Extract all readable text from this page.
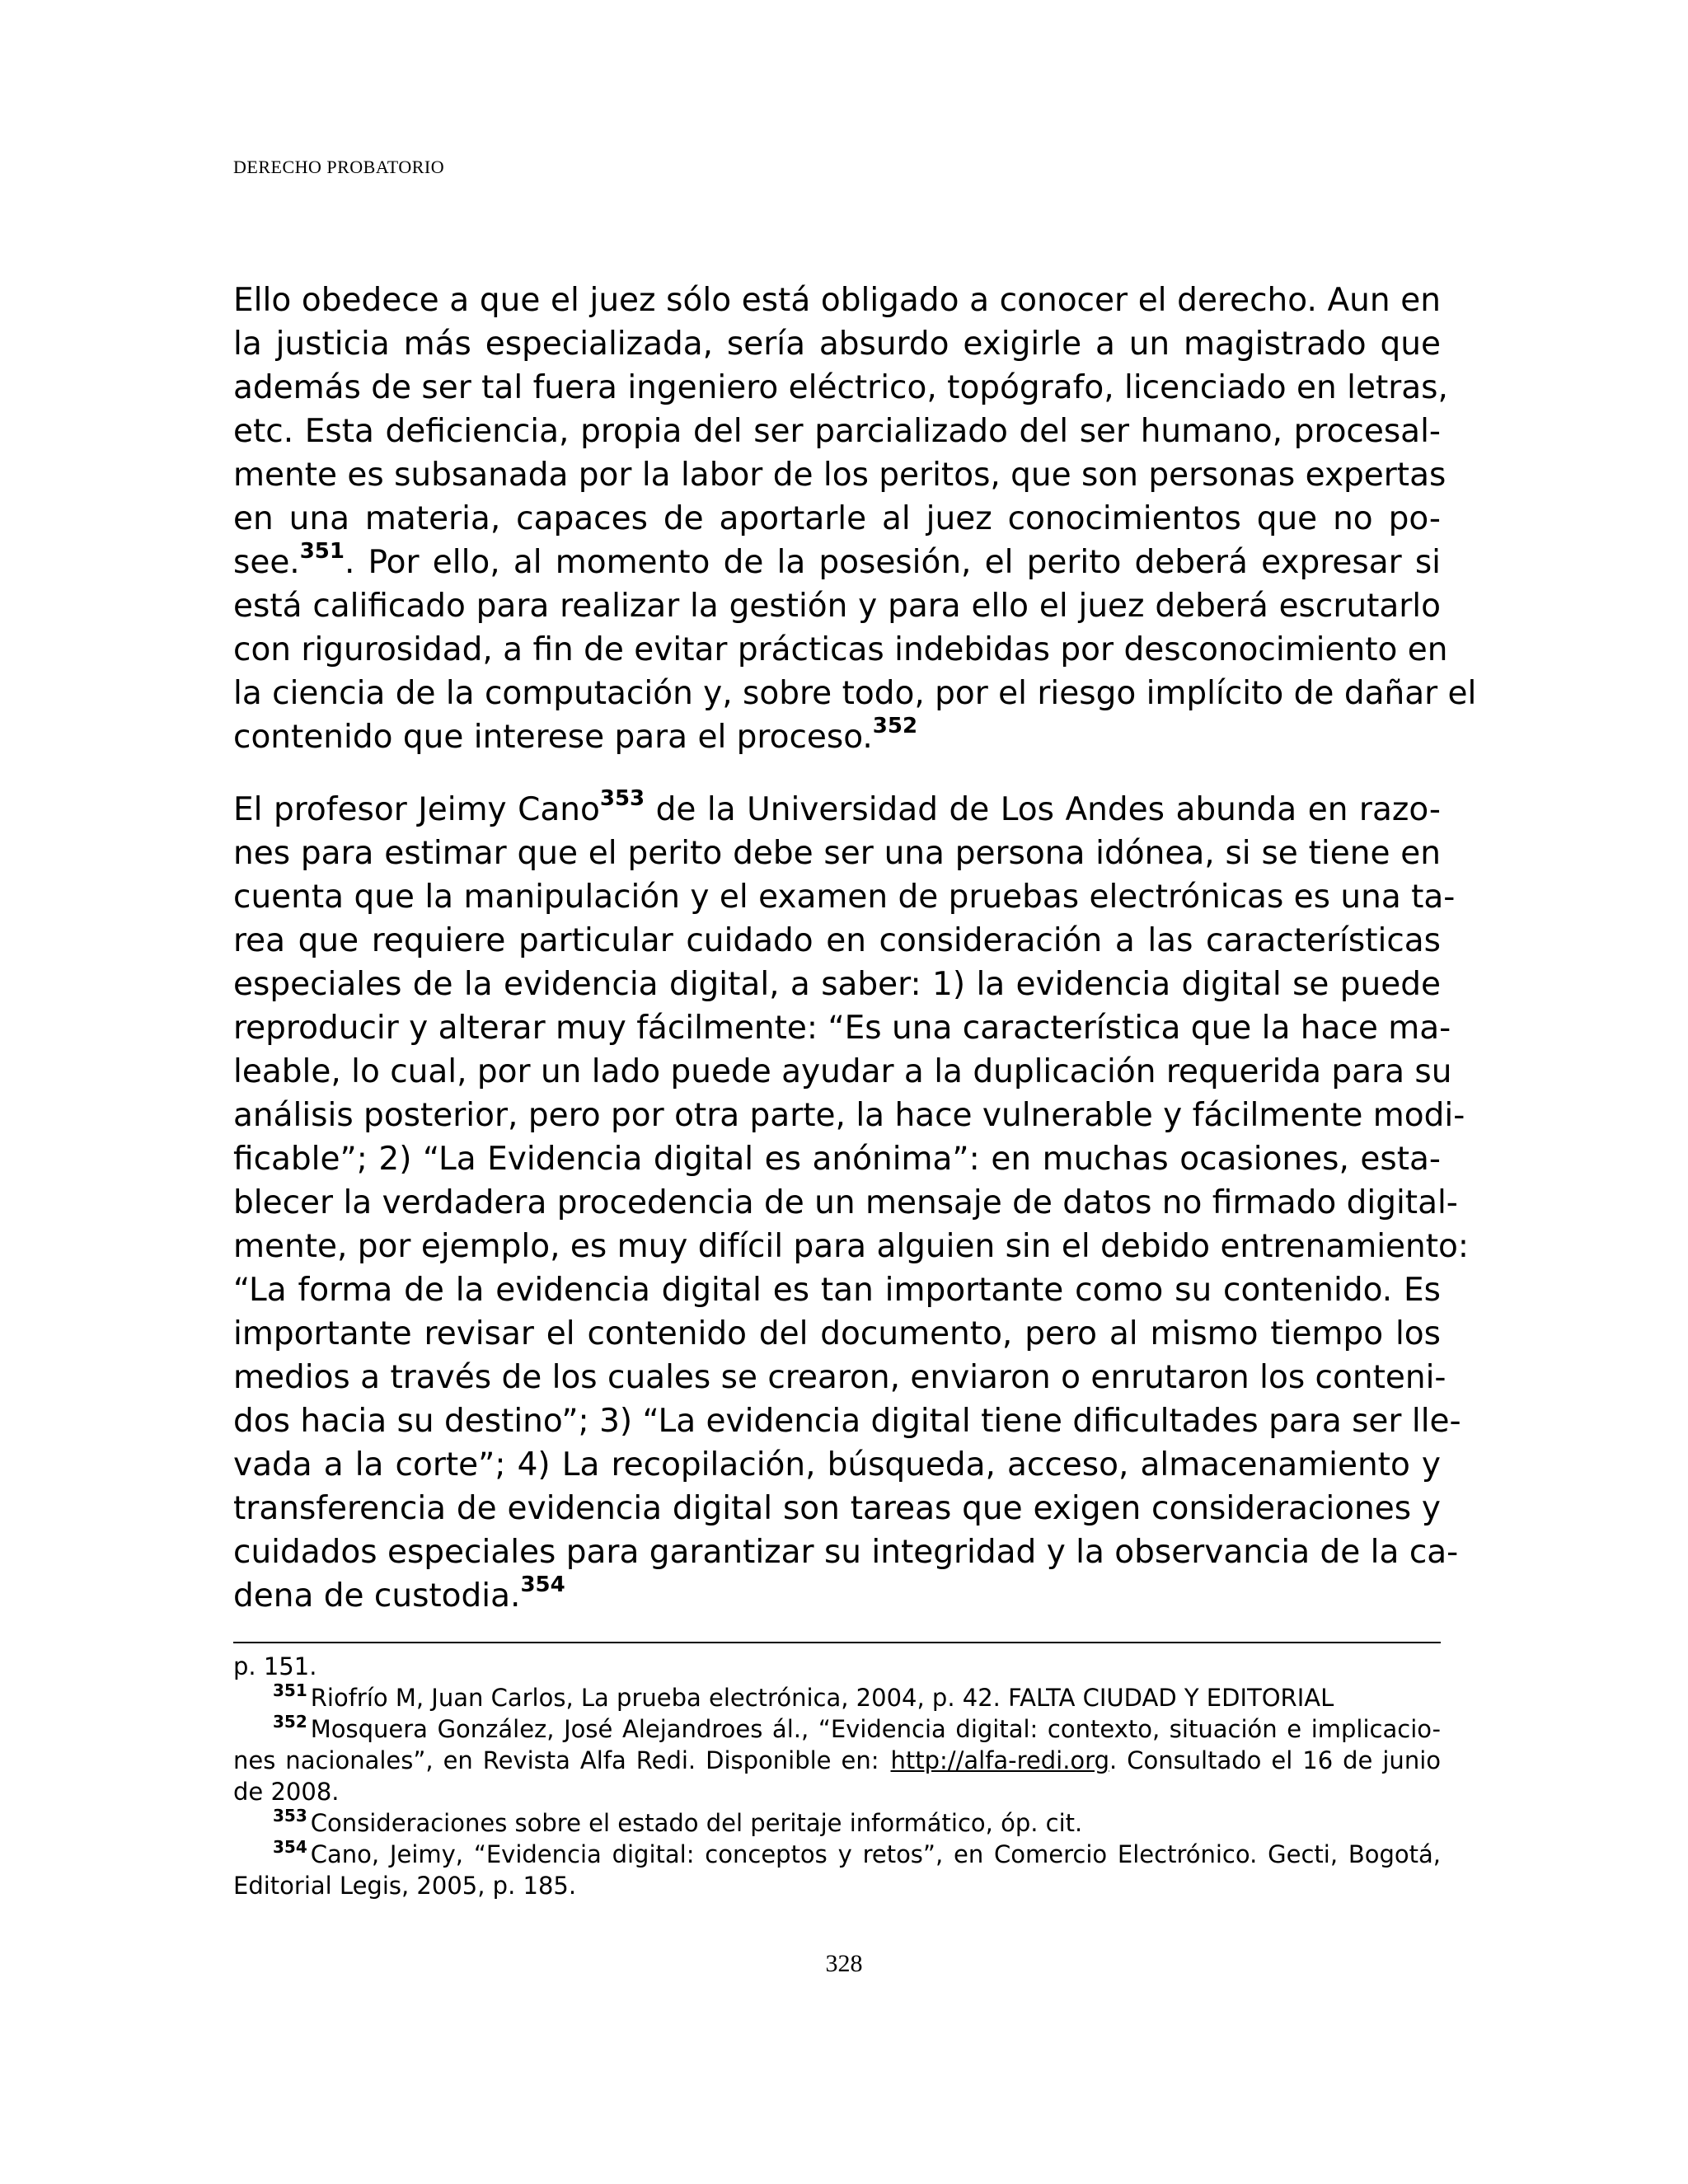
DERECHO PROBATORIO

Ello obedece a que el juez sólo está obligado a conocer el derecho. Aun en
la justicia más especializada, sería absurdo exigirle a un magistrado que
además de ser tal fuera ingeniero eléctrico, topógrafo, licenciado en letras,
etc. Esta deficiencia, propia del ser parcializado del ser humano, procesal-
mente es subsanada por la labor de los peritos, que son personas expertas
en una materia, capaces de aportarle al juez conocimientos que no po-
see.$^{351}$. Por ello, al momento de la posesión, el perito deberá expresar si
está calificado para realizar la gestión y para ello el juez deberá escrutarlo
con rigurosidad, a fin de evitar prácticas indebidas por desconocimiento en
la ciencia de la computación y, sobre todo, por el riesgo implícito de dañar el
contenido que interese para el proceso.$^{352}$
El profesor Jeimy Cano$^{353}$ de la Universidad de Los Andes abunda en razo-
nes para estimar que el perito debe ser una persona idónea, si se tiene en
cuenta que la manipulación y el examen de pruebas electrónicas es una ta-
rea que requiere particular cuidado en consideración a las características
especiales de la evidencia digital, a saber: 1) la evidencia digital se puede
reproducir y alterar muy fácilmente: “Es una característica que la hace ma-
leable, lo cual, por un lado puede ayudar a la duplicación requerida para su
análisis posterior, pero por otra parte, la hace vulnerable y fácilmente modi-
ficable”; 2) “La Evidencia digital es anónima”: en muchas ocasiones, esta-
blecer la verdadera procedencia de un mensaje de datos no firmado digital-
mente, por ejemplo, es muy difícil para alguien sin el debido entrenamiento:
“La forma de la evidencia digital es tan importante como su contenido. Es
importante revisar el contenido del documento, pero al mismo tiempo los
medios a través de los cuales se crearon, enviaron o enrutaron los conteni-
dos hacia su destino”; 3) “La evidencia digital tiene dificultades para ser lle-
vada a la corte”; 4) La recopilación, búsqueda, acceso, almacenamiento y
transferencia de evidencia digital son tareas que exigen consideraciones y
cuidados especiales para garantizar su integridad y la observancia de la ca-
dena de custodia.$^{354}$
p. 151.
$^{351}$ Riofrío M, Juan Carlos, La prueba electrónica, 2004, p. 42. FALTA CIUDAD Y EDITORIAL
$^{352}$ Mosquera González, José Alejandroes ál., “Evidencia digital: contexto, situación e implicacio-
nes nacionales”, en Revista Alfa Redi. Disponible en: http://alfa-redi.org. Consultado el 16 de junio
de 2008.
$^{353}$ Consideraciones sobre el estado del peritaje informático, óp. cit.
$^{354}$ Cano, Jeimy, “Evidencia digital: conceptos y retos”, en Comercio Electrónico. Gecti, Bogotá,
Editorial Legis, 2005, p. 185.

328
